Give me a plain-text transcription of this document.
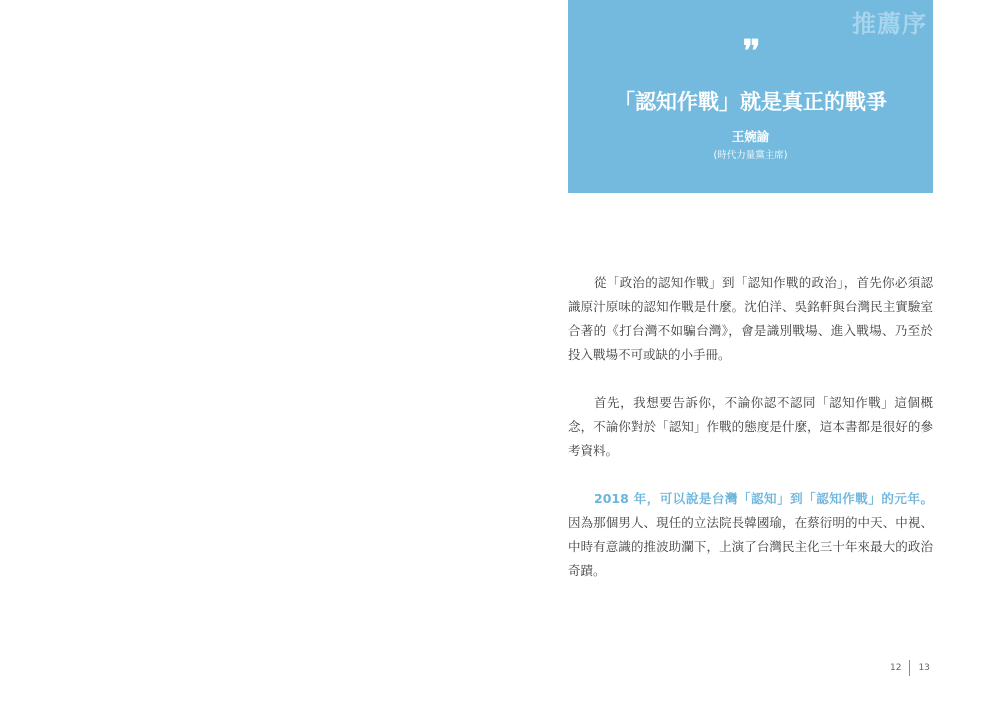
推薦序
❜❜
「認知作戰」就是真正的戰爭
王婉諭
(時代力量黨主席)

從「政治的認知作戰」到「認知作戰的政治」，首先你必須認識原汁原味的認知作戰是什麼。沈伯洋、吳銘軒與台灣民主實驗室合著的《打台灣不如騙台灣》，會是識別戰場、進入戰場、乃至於投入戰場不可或缺的小手冊。

首先，我想要告訴你，不論你認不認同「認知作戰」這個概念，不論你對於「認知」作戰的態度是什麼，這本書都是很好的參考資料。

2018 年，可以說是台灣「認知」到「認知作戰」的元年。因為那個男人、現任的立法院長韓國瑜，在蔡衍明的中天、中視、中時有意識的推波助瀾下，上演了台灣民主化三十年來最大的政治奇蹟。

12 13
